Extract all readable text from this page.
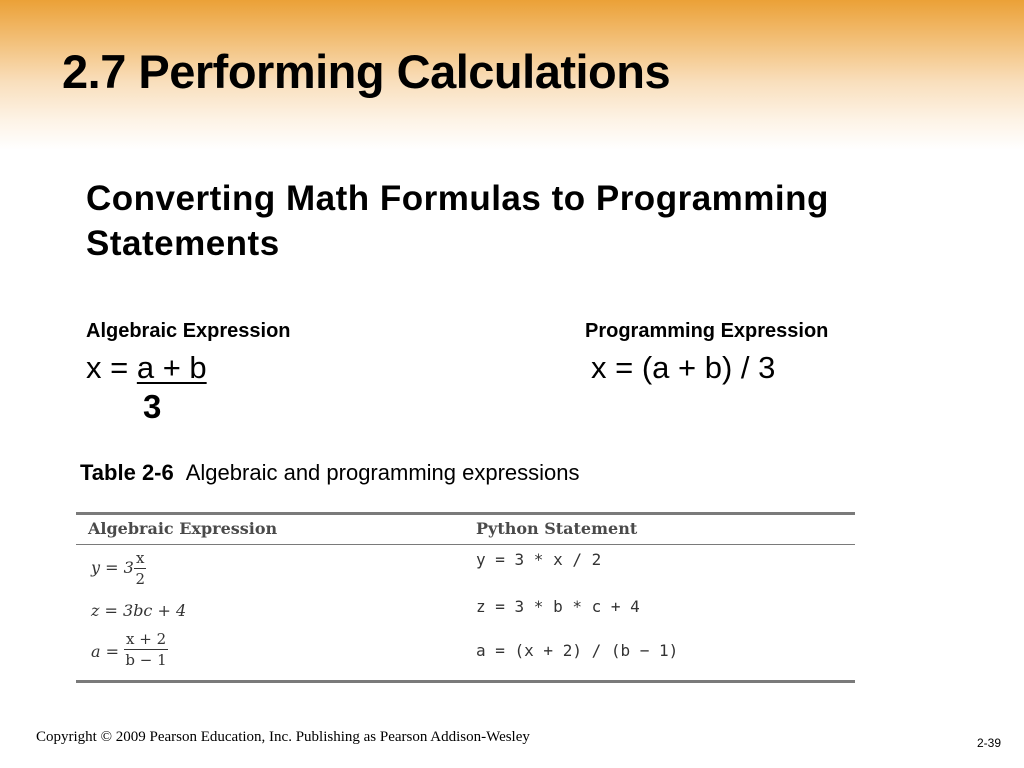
2.7 Performing Calculations
Converting Math Formulas to Programming Statements
Algebraic Expression	Programming Expression
x = a + b
3
x = (a + b) / 3
Table 2-6 Algebraic and programming expressions
Algebraic Expression	Python Statement
$y = 3 \frac{x}{2}$	y = 3 * x / 2
z = 3bc + 4	z = 3 * b * c + 4
$a = \frac{x + 2}{b - 1}$	a = (x + 2) / (b − 1)
Copyright © 2009 Pearson Education, Inc. Publishing as Pearson Addison-Wesley	2-39
